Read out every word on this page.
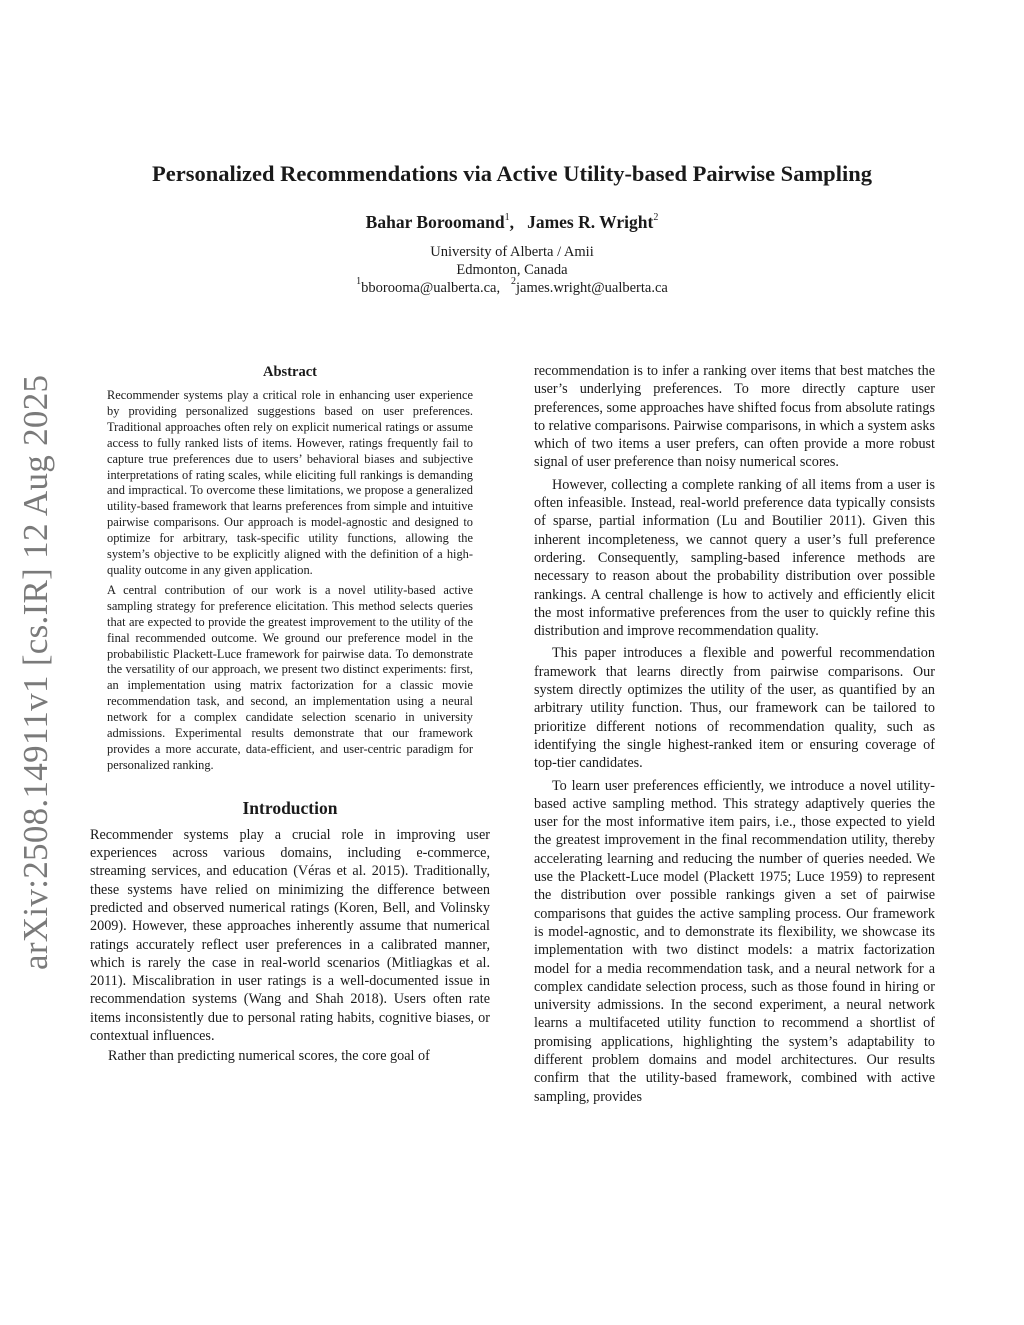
arXiv:2508.14911v1 [cs.IR] 12 Aug 2025
Personalized Recommendations via Active Utility-based Pairwise Sampling
Bahar Boroomand$^1$, James R. Wright$^2$
University of Alberta / Amii
Edmonton, Canada
$^1$bborooma@ualberta.ca, $^2$james.wright@ualberta.ca
Abstract

Recommender systems play a critical role in enhancing user experience by providing personalized suggestions based on user preferences. Traditional approaches often rely on explicit numerical ratings or assume access to fully ranked lists of items. However, ratings frequently fail to capture true preferences due to users’ behavioral biases and subjective interpretations of rating scales, while eliciting full rankings is demanding and impractical. To overcome these limitations, we propose a generalized utility-based framework that learns preferences from simple and intuitive pairwise comparisons. Our approach is model-agnostic and designed to optimize for arbitrary, task-specific utility functions, allowing the system’s objective to be explicitly aligned with the definition of a high-quality outcome in any given application.

A central contribution of our work is a novel utility-based active sampling strategy for preference elicitation. This method selects queries that are expected to provide the greatest improvement to the utility of the final recommended outcome. We ground our preference model in the probabilistic Plackett-Luce framework for pairwise data. To demonstrate the versatility of our approach, we present two distinct experiments: first, an implementation using matrix factorization for a classic movie recommendation task, and second, an implementation using a neural network for a complex candidate selection scenario in university admissions. Experimental results demonstrate that our framework provides a more accurate, data-efficient, and user-centric paradigm for personalized ranking.

Introduction

Recommender systems play a crucial role in improving user experiences across various domains, including e-commerce, streaming services, and education (Véras et al. 2015). Traditionally, these systems have relied on minimizing the difference between predicted and observed numerical ratings (Koren, Bell, and Volinsky 2009). However, these approaches inherently assume that numerical ratings accurately reflect user preferences in a calibrated manner, which is rarely the case in real-world scenarios (Mitliagkas et al. 2011). Miscalibration in user ratings is a well-documented issue in recommendation systems (Wang and Shah 2018). Users often rate items inconsistently due to personal rating habits, cognitive biases, or contextual influences.

Rather than predicting numerical scores, the core goal of

recommendation is to infer a ranking over items that best matches the user’s underlying preferences. To more directly capture user preferences, some approaches have shifted focus from absolute ratings to relative comparisons. Pairwise comparisons, in which a system asks which of two items a user prefers, can often provide a more robust signal of user preference than noisy numerical scores.

However, collecting a complete ranking of all items from a user is often infeasible. Instead, real-world preference data typically consists of sparse, partial information (Lu and Boutilier 2011). Given this inherent incompleteness, we cannot query a user’s full preference ordering. Consequently, sampling-based inference methods are necessary to reason about the probability distribution over possible rankings. A central challenge is how to actively and efficiently elicit the most informative preferences from the user to quickly refine this distribution and improve recommendation quality.

This paper introduces a flexible and powerful recommendation framework that learns directly from pairwise comparisons. Our system directly optimizes the utility of the user, as quantified by an arbitrary utility function. Thus, our framework can be tailored to prioritize different notions of recommendation quality, such as identifying the single highest-ranked item or ensuring coverage of top-tier candidates.

To learn user preferences efficiently, we introduce a novel utility-based active sampling method. This strategy adaptively queries the user for the most informative item pairs, i.e., those expected to yield the greatest improvement in the final recommendation utility, thereby accelerating learning and reducing the number of queries needed. We use the Plackett-Luce model (Plackett 1975; Luce 1959) to represent the distribution over possible rankings given a set of pairwise comparisons that guides the active sampling process. Our framework is model-agnostic, and to demonstrate its flexibility, we showcase its implementation with two distinct models: a matrix factorization model for a media recommendation task, and a neural network for a complex candidate selection process, such as those found in hiring or university admissions. In the second experiment, a neural network learns a multifaceted utility function to recommend a shortlist of promising applications, highlighting the system’s adaptability to different problem domains and model architectures. Our results confirm that the utility-based framework, combined with active sampling, provides
